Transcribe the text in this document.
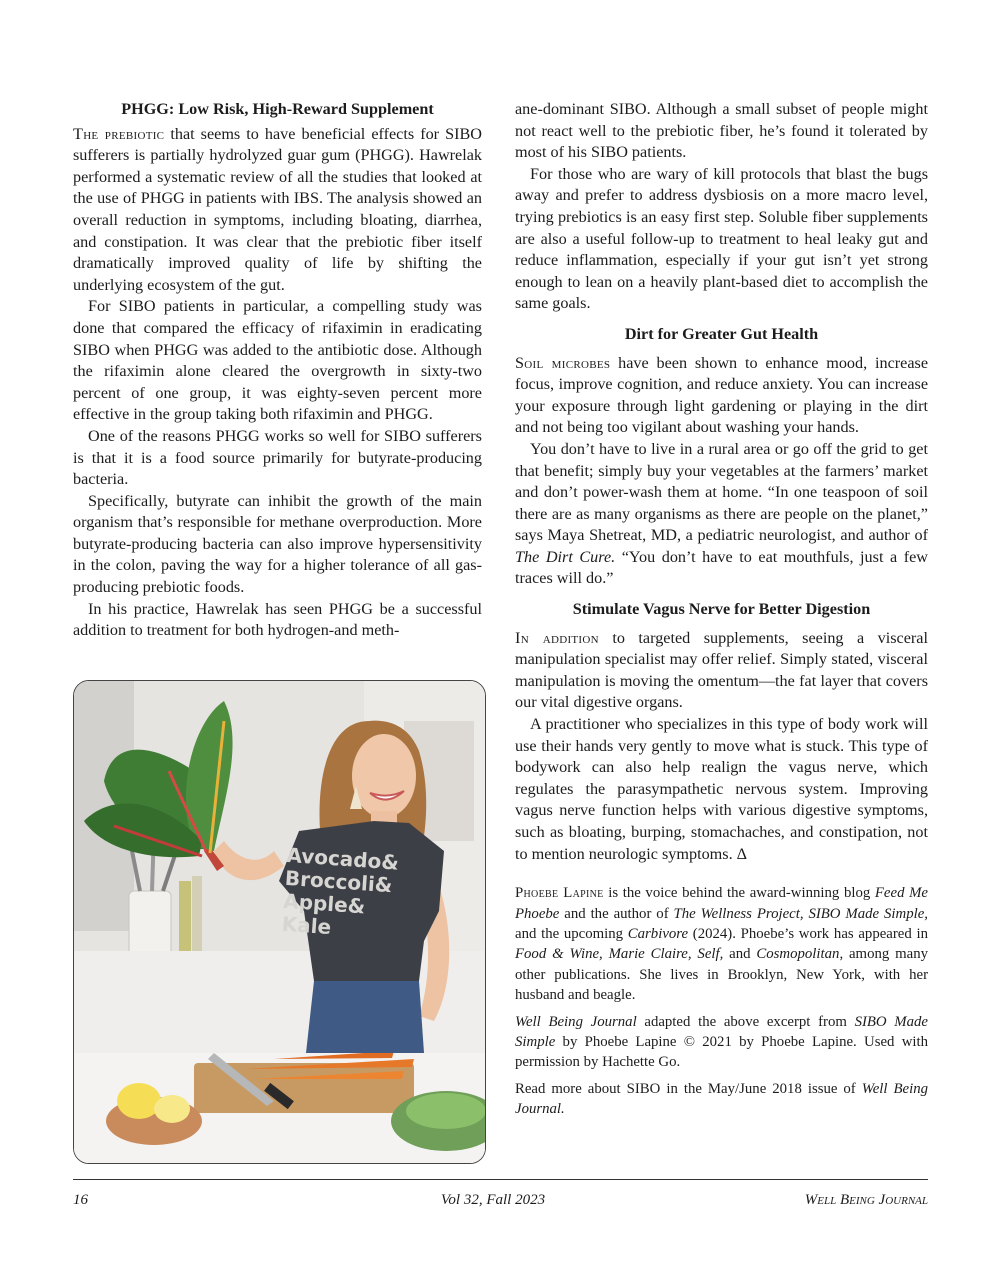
PHGG: Low Risk, High-Reward Supplement

The prebiotic that seems to have beneficial effects for SIBO sufferers is partially hydrolyzed guar gum (PHGG). Hawrelak performed a systematic review of all the studies that looked at the use of PHGG in patients with IBS. The analysis showed an overall reduction in symptoms, including bloating, diarrhea, and constipation. It was clear that the prebiotic fiber itself dramatically improved quality of life by shifting the underlying ecosystem of the gut.

For SIBO patients in particular, a compelling study was done that compared the efficacy of rifaximin in eradicating SIBO when PHGG was added to the antibiotic dose. Although the rifaximin alone cleared the overgrowth in sixty-two percent of one group, it was eighty-seven percent more effective in the group taking both rifaximin and PHGG.

One of the reasons PHGG works so well for SIBO sufferers is that it is a food source primarily for butyrate-producing bacteria.

Specifically, butyrate can inhibit the growth of the main organism that’s responsible for methane overproduction. More butyrate-producing bacteria can also improve hypersensitivity in the colon, paving the way for a higher tolerance of all gas-producing prebiotic foods.

In his practice, Hawrelak has seen PHGG be a successful addition to treatment for both hydrogen-and meth-

Avocado&
Broccoli&
Apple&
Kale

ane-dominant SIBO. Although a small subset of people might not react well to the prebiotic fiber, he’s found it tolerated by most of his SIBO patients.

For those who are wary of kill protocols that blast the bugs away and prefer to address dysbiosis on a more macro level, trying prebiotics is an easy first step. Soluble fiber supplements are also a useful follow-up to treatment to heal leaky gut and reduce inflammation, especially if your gut isn’t yet strong enough to lean on a heavily plant-based diet to accomplish the same goals.

Dirt for Greater Gut Health

Soil microbes have been shown to enhance mood, increase focus, improve cognition, and reduce anxiety. You can increase your exposure through light gardening or playing in the dirt and not being too vigilant about washing your hands.

You don’t have to live in a rural area or go off the grid to get that benefit; simply buy your vegetables at the farmers’ market and don’t power-wash them at home. “In one teaspoon of soil there are as many organisms as there are people on the planet,” says Maya Shetreat, MD, a pediatric neurologist, and author of The Dirt Cure. “You don’t have to eat mouthfuls, just a few traces will do.”

Stimulate Vagus Nerve for Better Digestion

In addition to targeted supplements, seeing a visceral manipulation specialist may offer relief. Simply stated, visceral manipulation is moving the omentum—the fat layer that covers our vital digestive organs.

A practitioner who specializes in this type of body work will use their hands very gently to move what is stuck. This type of bodywork can also help realign the vagus nerve, which regulates the parasympathetic nervous system. Improving vagus nerve function helps with various digestive symptoms, such as bloating, burping, stomachaches, and constipation, not to mention neurologic symptoms. Δ

Phoebe Lapine is the voice behind the award-winning blog Feed Me Phoebe and the author of The Wellness Project, SIBO Made Simple, and the upcoming Carbivore (2024). Phoebe’s work has appeared in Food & Wine, Marie Claire, Self, and Cosmopolitan, among many other publications. She lives in Brooklyn, New York, with her husband and beagle.

Well Being Journal adapted the above excerpt from SIBO Made Simple by Phoebe Lapine © 2021 by Phoebe Lapine. Used with permission by Hachette Go.

Read more about SIBO in the May/June 2018 issue of Well Being Journal.

16	Vol 32, Fall 2023	Well Being Journal
